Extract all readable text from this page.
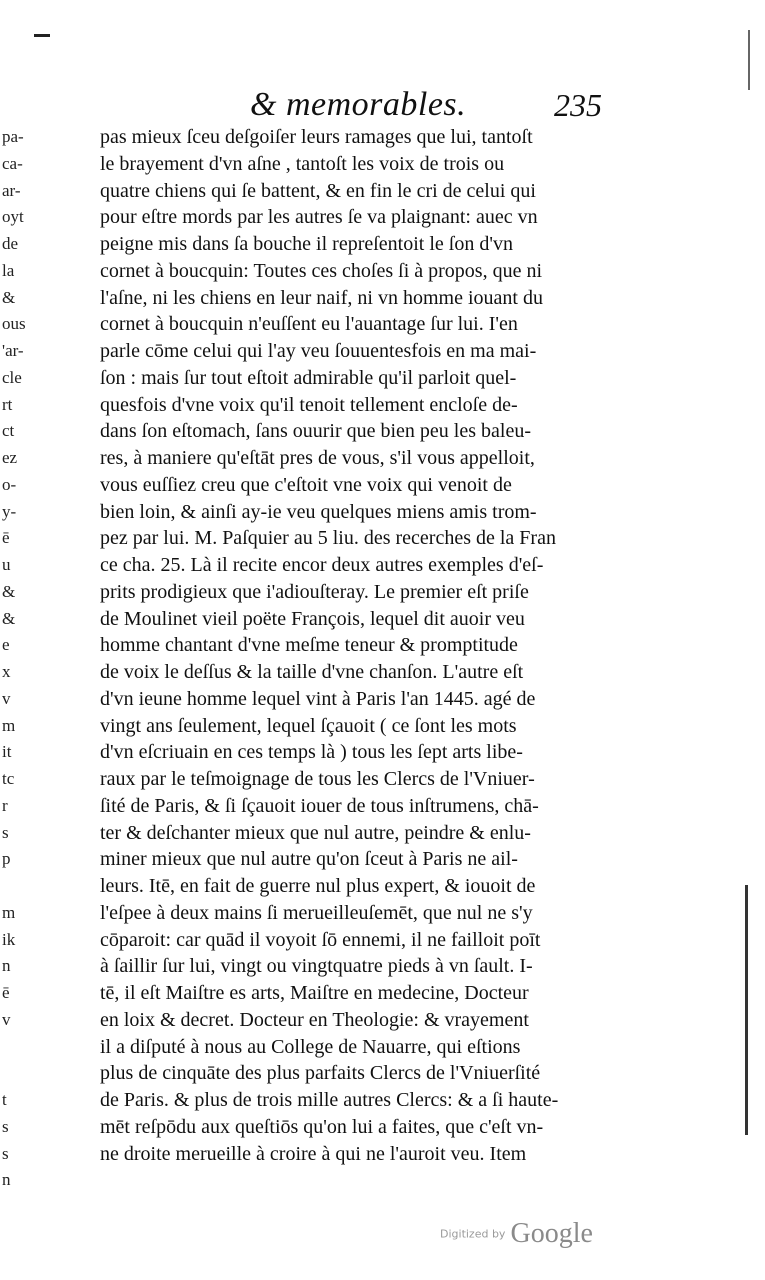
& memorables.	235
pa-
ca-
ar-
oyt
de
la
&
ous
'ar-
cle
rt
ct
ez
o-
y-
ē
u
&
&
e
x
v
m
it
tc
r
s
p
m
ik
n
ē
v
t
s
s
n
pas mieux ſceu deſgoiſer leurs ramages que lui, tantoſt
le brayement d'vn aſne , tantoſt les voix de trois ou
quatre chiens qui ſe battent, & en fin le cri de celui qui
pour eſtre mords par les autres ſe va plaignant: auec vn
peigne mis dans ſa bouche il repreſentoit le ſon d'vn
cornet à boucquin: Toutes ces choſes ſi à propos, que ni
l'aſne, ni les chiens en leur naif, ni vn homme iouant du
cornet à boucquin n'euſſent eu l'auantage ſur lui. I'en
parle cōme celui qui l'ay veu ſouuentesfois en ma mai-
ſon : mais ſur tout eſtoit admirable qu'il parloit quel-
quesfois d'vne voix qu'il tenoit tellement encloſe de-
dans ſon eſtomach, ſans ouurir que bien peu les baleu-
res, à maniere qu'eſtāt pres de vous, s'il vous appelloit,
vous euſſiez creu que c'eſtoit vne voix qui venoit de
bien loin, & ainſi ay-ie veu quelques miens amis trom-
pez par lui. M. Paſquier au 5 liu. des recerches de la Fran
ce cha. 25. Là il recite encor deux autres exemples d'eſ-
prits prodigieux que i'adiouſteray. Le premier eſt priſe
de Moulinet vieil poëte François, lequel dit auoir veu
homme chantant d'vne meſme teneur & promptitude
de voix le deſſus & la taille d'vne chanſon. L'autre eſt
d'vn ieune homme lequel vint à Paris l'an 1445. agé de
vingt ans ſeulement, lequel ſçauoit ( ce ſont les mots
d'vn eſcriuain en ces temps là ) tous les ſept arts libe-
raux par le teſmoignage de tous les Clercs de l'Vniuer-
ſité de Paris, & ſi ſçauoit iouer de tous inſtrumens, chā-
ter & deſchanter mieux que nul autre, peindre & enlu-
miner mieux que nul autre qu'on ſceut à Paris ne ail-
leurs. Itē, en fait de guerre nul plus expert, & iouoit de
l'eſpee à deux mains ſi merueilleuſemēt, que nul ne s'y
cōparoit: car quād il voyoit ſō ennemi, il ne failloit poīt
à ſaillir ſur lui, vingt ou vingtquatre pieds à vn ſault. I-
tē, il eſt Maiſtre es arts, Maiſtre en medecine, Docteur
en loix & decret. Docteur en Theologie: & vrayement
il a diſputé à nous au College de Nauarre, qui eſtions
plus de cinquāte des plus parfaits Clercs de l'Vniuerſité
de Paris. & plus de trois mille autres Clercs: & a ſi haute-
mēt reſpōdu aux queſtiōs qu'on lui a faites, que c'eſt vn-
ne droite merueille à croire à qui ne l'auroit veu. Item
Digitized by Google
